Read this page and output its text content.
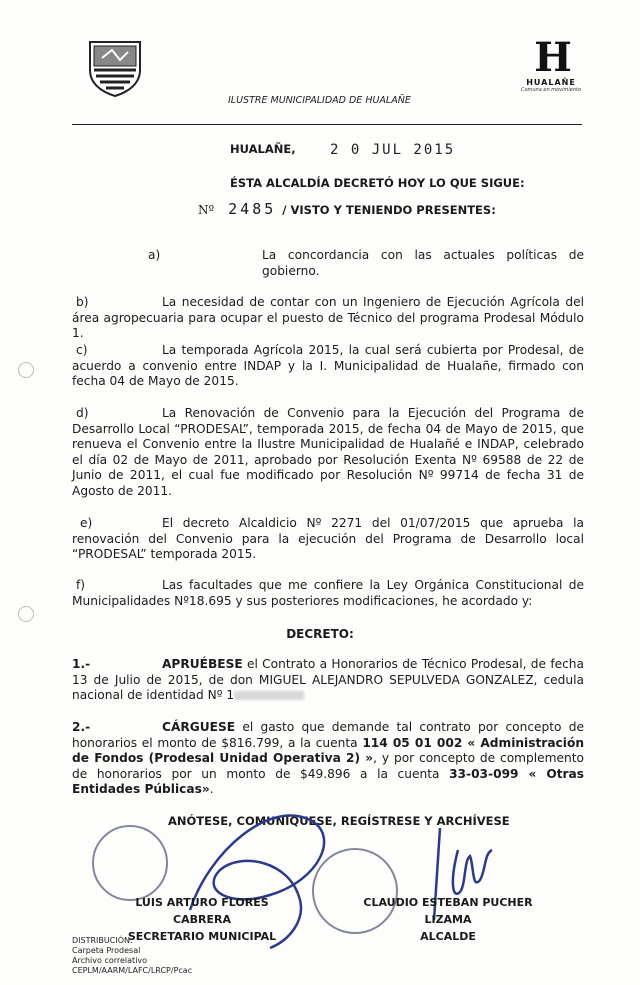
H
HUALAÑE
Comuna en movimiento
ILUSTRE MUNICIPALIDAD DE HUALAÑE
HUALAÑE, 2 0 JUL 2015
ÉSTA ALCALDÍA DECRETÓ HOY LO QUE SIGUE:
Nº 2485 / VISTO Y TENIENDO PRESENTES:
a)	La concordancia con las actuales políticas de gobierno.
b)	La necesidad de contar con un Ingeniero de Ejecución Agrícola del área agropecuaria para ocupar el puesto de Técnico del programa Prodesal Módulo 1.
c)	La temporada Agrícola 2015, la cual será cubierta por Prodesal, de acuerdo a convenio entre INDAP y la I. Municipalidad de Hualañe, firmado con fecha 04 de Mayo de 2015.
d)	La Renovación de Convenio para la Ejecución del Programa de Desarrollo Local “PRODESAL”, temporada 2015, de fecha 04 de Mayo de 2015, que renueva el Convenio entre la Ilustre Municipalidad de Hualañé e INDAP, celebrado el día 02 de Mayo de 2011, aprobado por Resolución Exenta Nº 69588 de 22 de Junio de 2011, el cual fue modificado por Resolución Nº 99714 de fecha 31 de Agosto de 2011.
e)	El decreto Alcaldicio Nº 2271 del 01/07/2015 que aprueba la renovación del Convenio para la ejecución del Programa de Desarrollo local “PRODESAL” temporada 2015.
f)	Las facultades que me confiere la Ley Orgánica Constitucional de Municipalidades Nº18.695 y sus posteriores modificaciones, he acordado y:
DECRETO:
1.-	APRUÉBESE el Contrato a Honorarios de Técnico Prodesal, de fecha 13 de Julio de 2015, de don MIGUEL ALEJANDRO SEPULVEDA GONZALEZ, cedula nacional de identidad Nº 1
2.-	CÁRGUESE el gasto que demande tal contrato por concepto de honorarios el monto de $816.799, a la cuenta 114 05 01 002 « Administración de Fondos (Prodesal Unidad Operativa 2) », y por concepto de complemento de honorarios por un monto de $49.896 a la cuenta 33-03-099 « Otras Entidades Públicas».
ANÓTESE, COMUNÍQUESE, REGÍSTRESE Y ARCHÍVESE
LUIS ARTURO FLORES CABRERA
SECRETARIO MUNICIPAL
CLAUDIO ESTEBAN PUCHER LIZAMA
ALCALDE
DISTRIBUCIÓN:
Carpeta Prodesal
Archivo correlativo
CEPLM/AARM/LAFC/LRCP/Pcac
